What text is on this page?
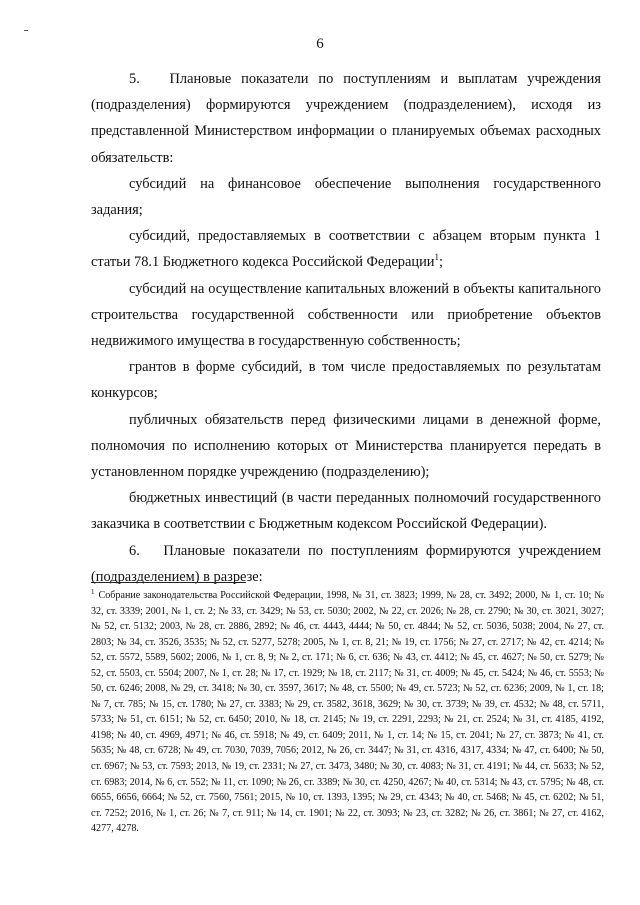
6

5.   Плановые показатели по поступлениям и выплатам учреждения (подразделения) формируются учреждением (подразделением), исходя из представленной Министерством информации о планируемых объемах расходных обязательств:

субсидий на финансовое обеспечение выполнения государственного задания;

субсидий, предоставляемых в соответствии с абзацем вторым пункта 1 статьи 78.1 Бюджетного кодекса Российской Федерации$^1$;

субсидий на осуществление капитальных вложений в объекты капитального строительства государственной собственности или приобретение объектов недвижимого имущества в государственную собственность;

грантов в форме субсидий, в том числе предоставляемых по результатам конкурсов;

публичных обязательств перед физическими лицами в денежной форме, полномочия по исполнению которых от Министерства планируется передать в установленном порядке учреждению (подразделению);

бюджетных инвестиций (в части переданных полномочий государственного заказчика в соответствии с Бюджетным кодексом Российской Федерации).

6.   Плановые показатели по поступлениям формируются учреждением (подразделением) в разрезе:

$^1$ Собрание законодательства Российской Федерации, 1998, № 31, ст. 3823; 1999, № 28, ст. 3492; 2000, № 1, ст. 10; № 32, ст. 3339; 2001, № 1, ст. 2; № 33, ст. 3429; № 53, ст. 5030; 2002, № 22, ст. 2026; № 28, ст. 2790; № 30, ст. 3021, 3027; № 52, ст. 5132; 2003, № 28, ст. 2886, 2892; № 46, ст. 4443, 4444; № 50, ст. 4844; № 52, ст. 5036, 5038; 2004, № 27, ст. 2803; № 34, ст. 3526, 3535; № 52, ст. 5277, 5278; 2005, № 1, ст. 8, 21; № 19, ст. 1756; № 27, ст. 2717; № 42, ст. 4214; № 52, ст. 5572, 5589, 5602; 2006, № 1, ст. 8, 9; № 2, ст. 171; № 6, ст. 636; № 43, ст. 4412; № 45, ст. 4627; № 50, ст. 5279; № 52, ст. 5503, ст. 5504; 2007, № 1, ст. 28; № 17, ст. 1929; № 18, ст. 2117; № 31, ст. 4009; № 45, ст. 5424; № 46, ст. 5553; № 50, ст. 6246; 2008, № 29, ст. 3418; № 30, ст. 3597, 3617; № 48, ст. 5500; № 49, ст. 5723; № 52, ст. 6236; 2009, № 1, ст. 18; № 7, ст. 785; № 15, ст. 1780; № 27, ст. 3383; № 29, ст. 3582, 3618, 3629; № 30, ст. 3739; № 39, ст. 4532; № 48, ст. 5711, 5733; № 51, ст. 6151; № 52, ст. 6450; 2010, № 18, ст. 2145; № 19, ст. 2291, 2293; № 21, ст. 2524; № 31, ст. 4185, 4192, 4198; № 40, ст. 4969, 4971; № 46, ст. 5918; № 49, ст. 6409; 2011, № 1, ст. 14; № 15, ст. 2041; № 27, ст. 3873; № 41, ст. 5635; № 48, ст. 6728; № 49, ст. 7030, 7039, 7056; 2012, № 26, ст. 3447; № 31, ст. 4316, 4317, 4334; № 47, ст. 6400; № 50, ст. 6967; № 53, ст. 7593; 2013, № 19, ст. 2331; № 27, ст. 3473, 3480; № 30, ст. 4083; № 31, ст. 4191; № 44, ст. 5633; № 52, ст. 6983; 2014, № 6, ст. 552; № 11, ст. 1090; № 26, ст. 3389; № 30, ст. 4250, 4267; № 40, ст. 5314; № 43, ст. 5795; № 48, ст. 6655, 6656, 6664; № 52, ст. 7560, 7561; 2015, № 10, ст. 1393, 1395; № 29, ст. 4343; № 40, ст. 5468; № 45, ст. 6202; № 51, ст. 7252; 2016, № 1, ст. 26; № 7, ст. 911; № 14, ст. 1901; № 22, ст. 3093; № 23, ст. 3282; № 26, ст. 3861; № 27, ст. 4162, 4277, 4278.
